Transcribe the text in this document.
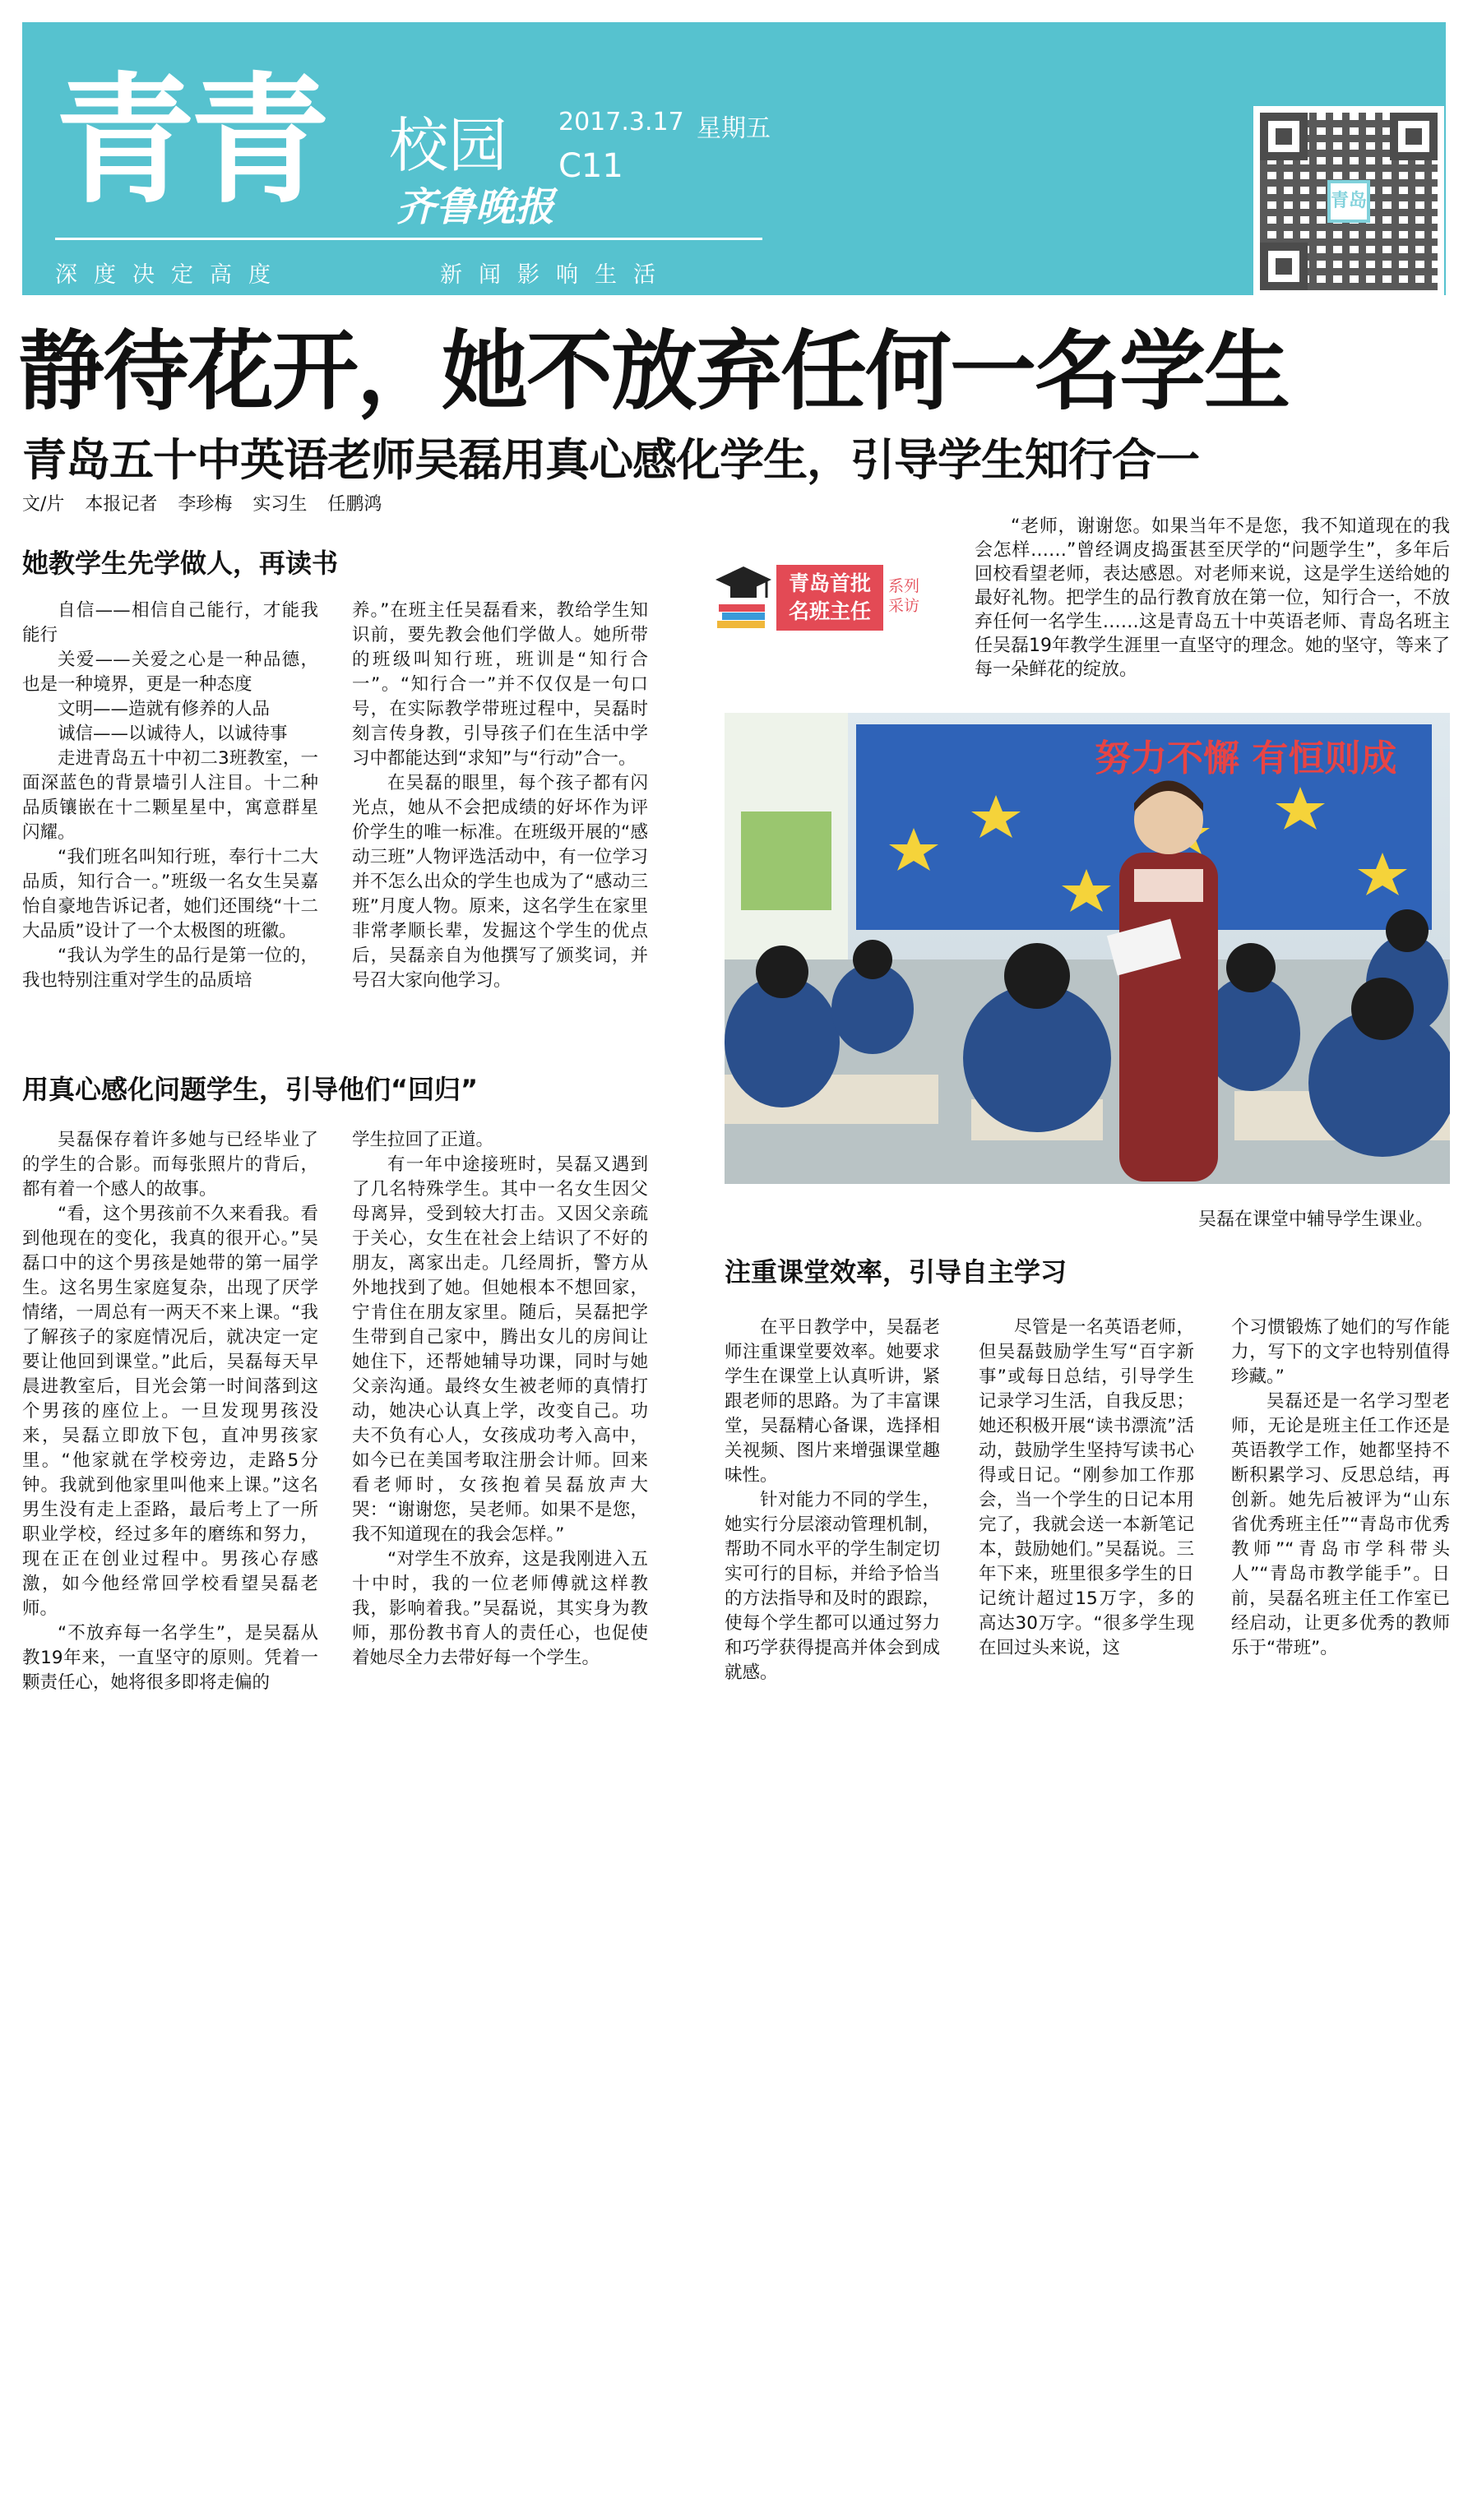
青青 校园
齐鲁晚报
2017.3.17 星期五
C11
深度决定高度	新闻影响生活
青岛
静待花开，她不放弃任何一名学生
青岛五十中英语老师吴磊用真心感化学生，引导学生知行合一
文/片 本报记者 李珍梅 实习生 任鹏鸿
她教学生先学做人，再读书

自信——相信自己能行，才能我能行

关爱——关爱之心是一种品德，也是一种境界，更是一种态度

文明——造就有修养的人品

诚信——以诚待人，以诚待事

走进青岛五十中初二3班教室，一面深蓝色的背景墙引人注目。十二种品质镶嵌在十二颗星星中，寓意群星闪耀。

“我们班名叫知行班，奉行十二大品质，知行合一。”班级一名女生吴嘉怡自豪地告诉记者，她们还围绕“十二大品质”设计了一个太极图的班徽。

“我认为学生的品行是第一位的，我也特别注重对学生的品质培

养。”在班主任吴磊看来，教给学生知识前，要先教会他们学做人。她所带的班级叫知行班，班训是“知行合一”。“知行合一”并不仅仅是一句口号，在实际教学带班过程中，吴磊时刻言传身教，引导孩子们在生活中学习中都能达到“求知”与“行动”合一。

在吴磊的眼里，每个孩子都有闪光点，她从不会把成绩的好坏作为评价学生的唯一标准。在班级开展的“感动三班”人物评选活动中，有一位学习并不怎么出众的学生也成为了“感动三班”月度人物。原来，这名学生在家里非常孝顺长辈，发掘这个学生的优点后，吴磊亲自为他撰写了颁奖词，并号召大家向他学习。

用真心感化问题学生，引导他们“回归”

吴磊保存着许多她与已经毕业了的学生的合影。而每张照片的背后，都有着一个感人的故事。

“看，这个男孩前不久来看我。看到他现在的变化，我真的很开心。”吴磊口中的这个男孩是她带的第一届学生。这名男生家庭复杂，出现了厌学情绪，一周总有一两天不来上课。“我了解孩子的家庭情况后，就决定一定要让他回到课堂。”此后，吴磊每天早晨进教室后，目光会第一时间落到这个男孩的座位上。一旦发现男孩没来，吴磊立即放下包，直冲男孩家里。“他家就在学校旁边，走路5分钟。我就到他家里叫他来上课。”这名男生没有走上歪路，最后考上了一所职业学校，经过多年的磨练和努力，现在正在创业过程中。男孩心存感激，如今他经常回学校看望吴磊老师。

“不放弃每一名学生”，是吴磊从教19年来，一直坚守的原则。凭着一颗责任心，她将很多即将走偏的

学生拉回了正道。

有一年中途接班时，吴磊又遇到了几名特殊学生。其中一名女生因父母离异，受到较大打击。又因父亲疏于关心，女生在社会上结识了不好的朋友，离家出走。几经周折，警方从外地找到了她。但她根本不想回家，宁肯住在朋友家里。随后，吴磊把学生带到自己家中，腾出女儿的房间让她住下，还帮她辅导功课，同时与她父亲沟通。最终女生被老师的真情打动，她决心认真上学，改变自己。功夫不负有心人，女孩成功考入高中，如今已在美国考取注册会计师。回来看老师时，女孩抱着吴磊放声大哭：“谢谢您，吴老师。如果不是您，我不知道现在的我会怎样。”

“对学生不放弃，这是我刚进入五十中时，我的一位老师傅就这样教我，影响着我。”吴磊说，其实身为教师，那份教书育人的责任心，也促使着她尽全力去带好每一个学生。

青岛首批
名班主任
系列采访

“老师，谢谢您。如果当年不是您，我不知道现在的我会怎样……”曾经调皮捣蛋甚至厌学的“问题学生”，多年后回校看望老师，表达感恩。对老师来说，这是学生送给她的最好礼物。把学生的品行教育放在第一位，知行合一，不放弃任何一名学生……这是青岛五十中英语老师、青岛名班主任吴磊19年教学生涯里一直坚守的理念。她的坚守，等来了每一朵鲜花的绽放。

努力不懈 有恒则成
吴磊在课堂中辅导学生课业。
注重课堂效率，引导自主学习

在平日教学中，吴磊老师注重课堂要效率。她要求学生在课堂上认真听讲，紧跟老师的思路。为了丰富课堂，吴磊精心备课，选择相关视频、图片来增强课堂趣味性。

针对能力不同的学生，她实行分层滚动管理机制，帮助不同水平的学生制定切实可行的目标，并给予恰当的方法指导和及时的跟踪，使每个学生都可以通过努力和巧学获得提高并体会到成就感。

尽管是一名英语老师，但吴磊鼓励学生写“百字新事”或每日总结，引导学生记录学习生活，自我反思；她还积极开展“读书漂流”活动，鼓励学生坚持写读书心得或日记。“刚参加工作那会，当一个学生的日记本用完了，我就会送一本新笔记本，鼓励她们。”吴磊说。三年下来，班里很多学生的日记统计超过15万字，多的高达30万字。“很多学生现在回过头来说，这

个习惯锻炼了她们的写作能力，写下的文字也特别值得珍藏。”

吴磊还是一名学习型老师，无论是班主任工作还是英语教学工作，她都坚持不断积累学习、反思总结，再创新。她先后被评为“山东省优秀班主任”“青岛市优秀教师”“青岛市学科带头人”“青岛市教学能手”。日前，吴磊名班主任工作室已经启动，让更多优秀的教师乐于“带班”。
